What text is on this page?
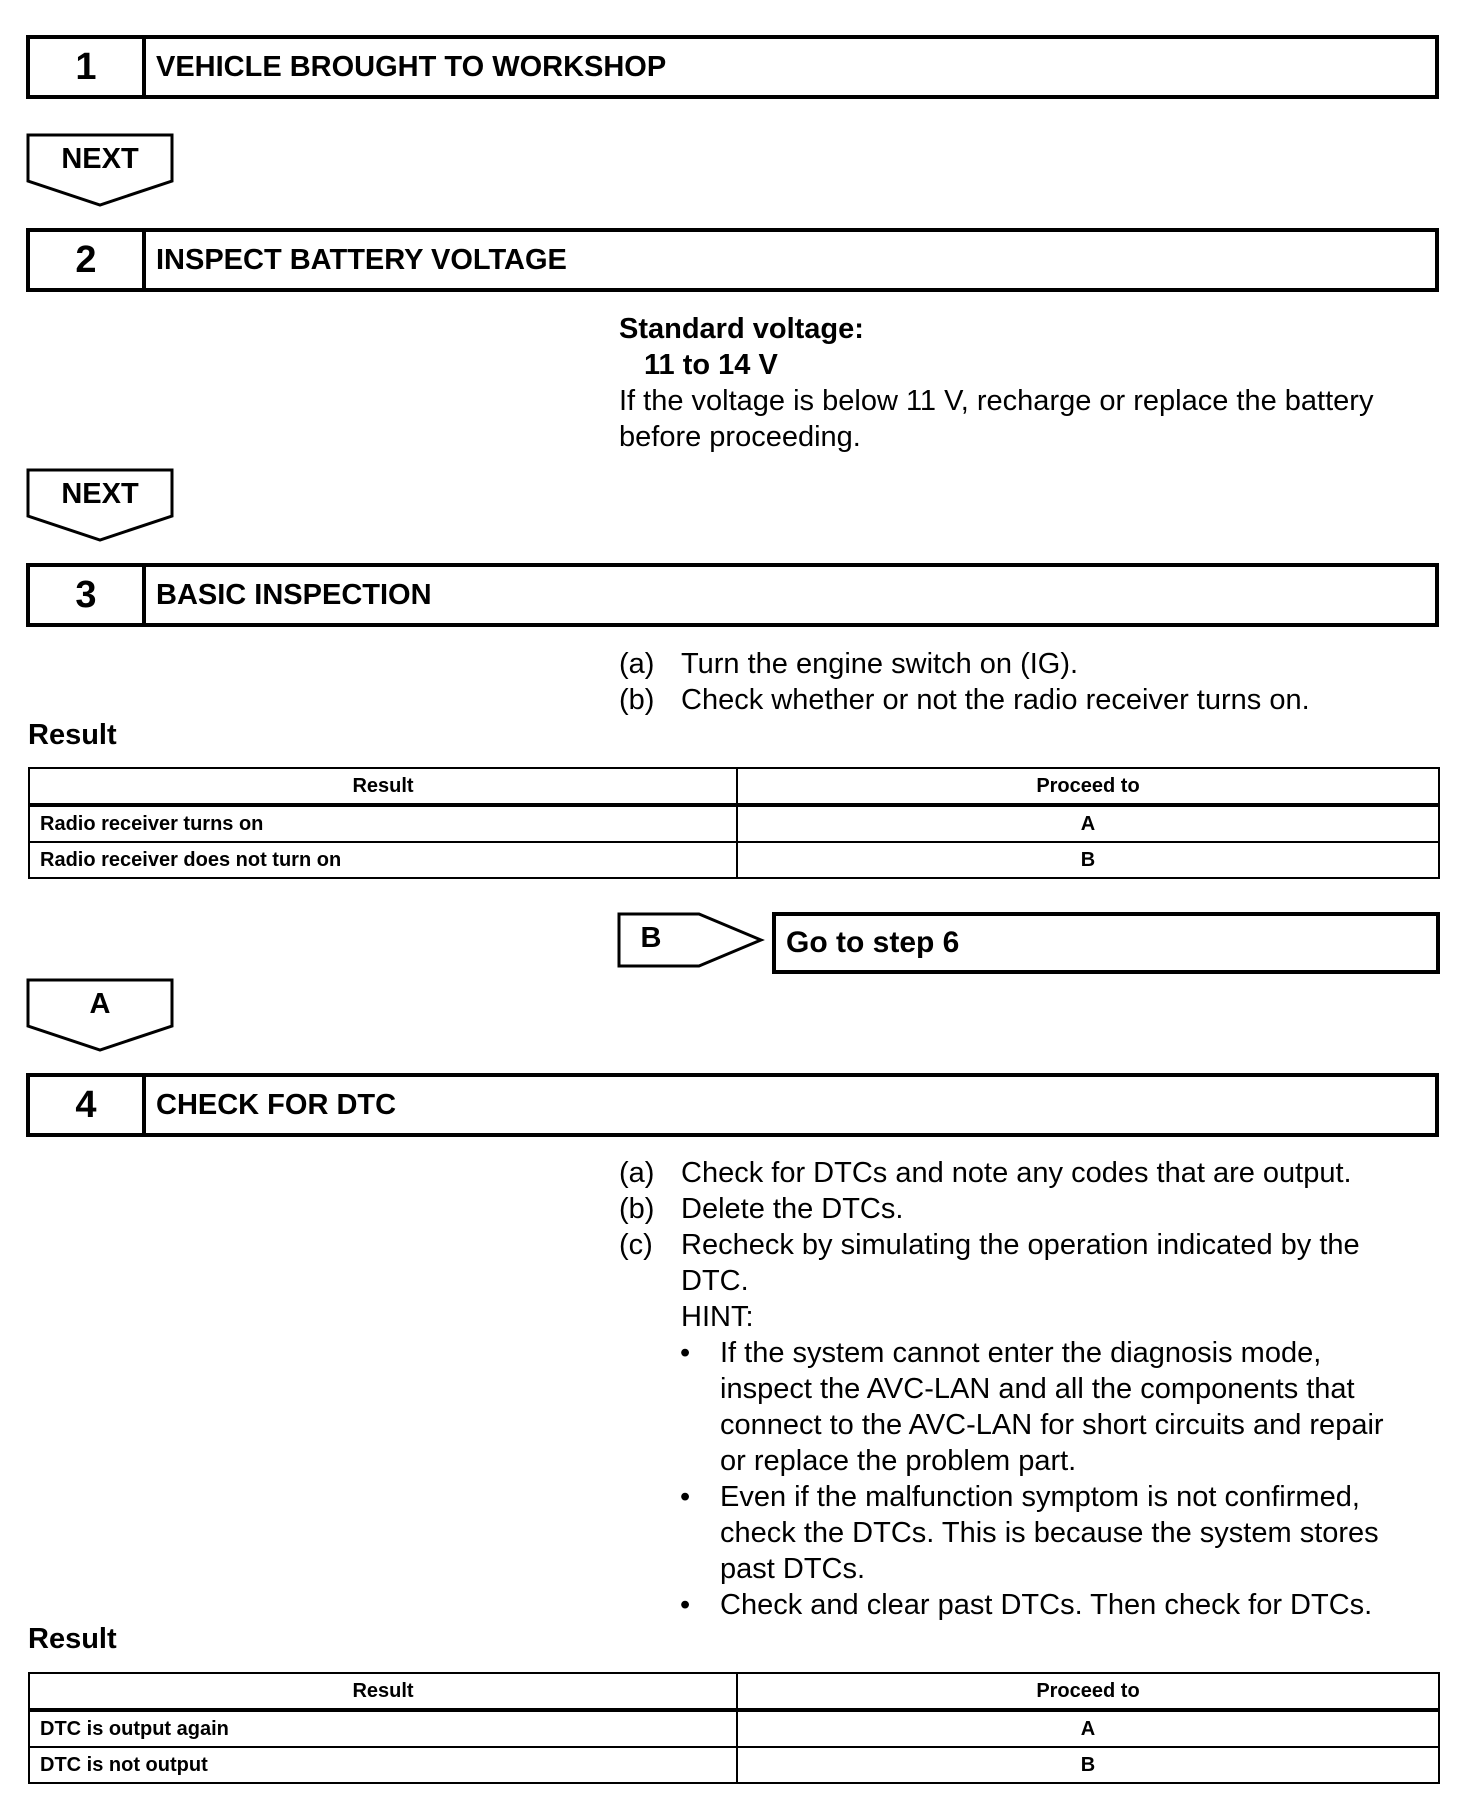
1	VEHICLE BROUGHT TO WORKSHOP
NEXT
2	INSPECT BATTERY VOLTAGE
Standard voltage:
11 to 14 V
If the voltage is below 11 V, recharge or replace the battery
before proceeding.
NEXT
3	BASIC INSPECTION
(a) Turn the engine switch on (IG).
(b) Check whether or not the radio receiver turns on.
Result
Result	Proceed to
Radio receiver turns on	A
Radio receiver does not turn on	B
B	Go to step 6
A
4	CHECK FOR DTC
(a) Check for DTCs and note any codes that are output.
(b) Delete the DTCs.
(c) Recheck by simulating the operation indicated by the
DTC.
HINT:
• If the system cannot enter the diagnosis mode,
inspect the AVC-LAN and all the components that
connect to the AVC-LAN for short circuits and repair
or replace the problem part.
• Even if the malfunction symptom is not confirmed,
check the DTCs. This is because the system stores
past DTCs.
• Check and clear past DTCs. Then check for DTCs.
Result
Result	Proceed to
DTC is output again	A
DTC is not output	B
